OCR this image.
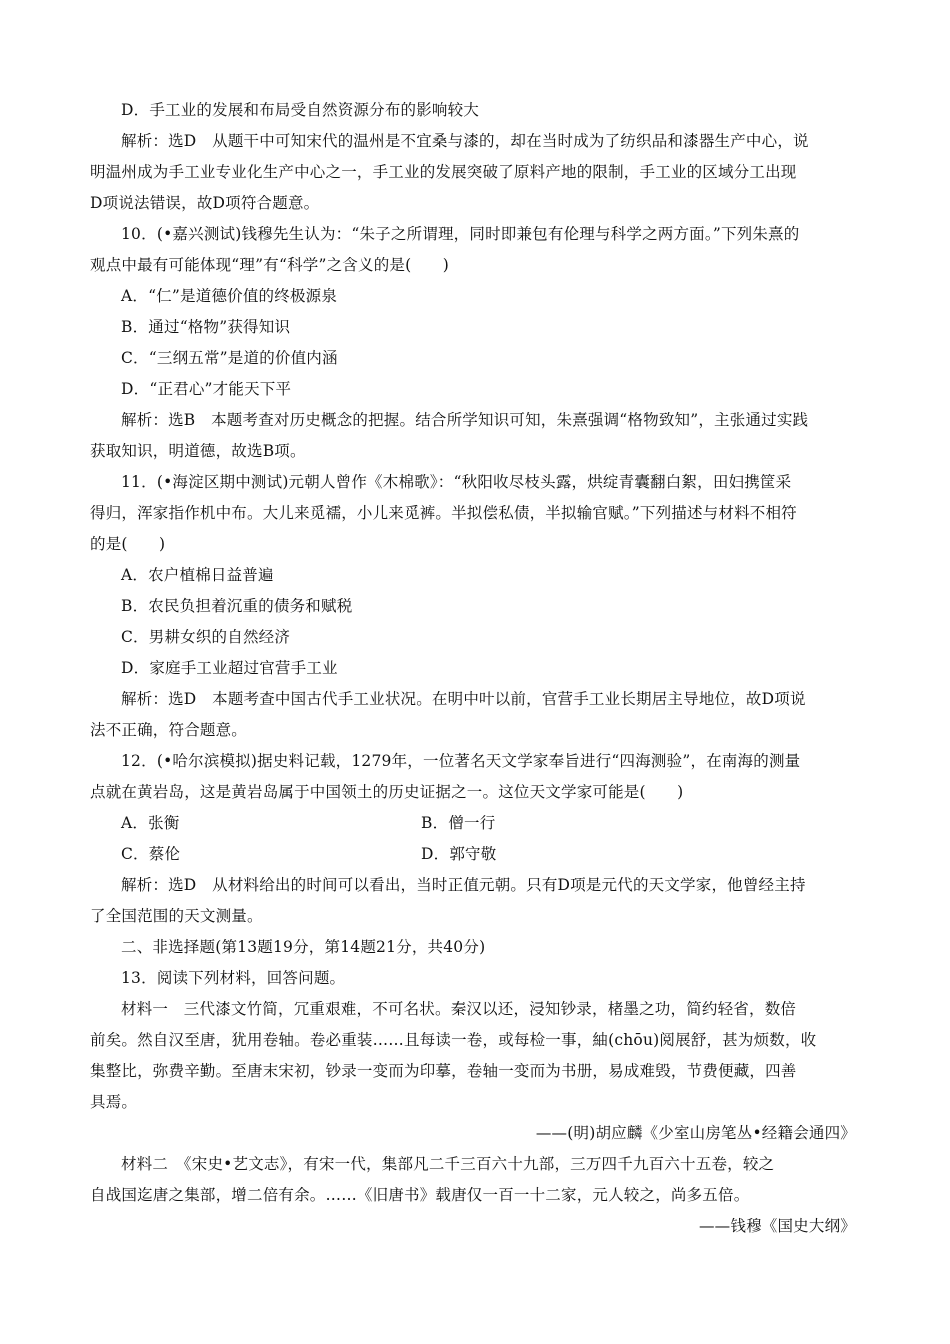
D．手工业的发展和布局受自然资源分布的影响较大
解析：选D　从题干中可知宋代的温州是不宜桑与漆的，却在当时成为了纺织品和漆器生产中心，说
明温州成为手工业专业化生产中心之一，手工业的发展突破了原料产地的限制，手工业的区域分工出现
D项说法错误，故D项符合题意。
10．(•嘉兴测试)钱穆先生认为：“朱子之所谓理，同时即兼包有伦理与科学之两方面。”下列朱熹的
观点中最有可能体现“理”有“科学”之含义的是(　　)
A．“仁”是道德价值的终极源泉
B．通过“格物”获得知识
C．“三纲五常”是道的价值内涵
D．“正君心”才能天下平
解析：选B　本题考查对历史概念的把握。结合所学知识可知，朱熹强调“格物致知”，主张通过实践
获取知识，明道德，故选B项。
11．(•海淀区期中测试)元朝人曾作《木棉歌》：“秋阳收尽枝头露，烘绽青囊翻白絮，田妇携筐采
得归，浑家指作机中布。大儿来觅襦，小儿来觅裤。半拟偿私债，半拟输官赋。”下列描述与材料不相符
的是(　　)
A．农户植棉日益普遍
B．农民负担着沉重的债务和赋税
C．男耕女织的自然经济
D．家庭手工业超过官营手工业
解析：选D　本题考查中国古代手工业状况。在明中叶以前，官营手工业长期居主导地位，故D项说
法不正确，符合题意。
12．(•哈尔滨模拟)据史料记载，1279年，一位著名天文学家奉旨进行“四海测验”，在南海的测量
点就在黄岩岛，这是黄岩岛属于中国领土的历史证据之一。这位天文学家可能是(　　)
A．张衡	B．僧一行
C．蔡伦	D．郭守敬
解析：选D　从材料给出的时间可以看出，当时正值元朝。只有D项是元代的天文学家，他曾经主持
了全国范围的天文测量。
二、非选择题(第13题19分，第14题21分，共40分)
13．阅读下列材料，回答问题。
材料一　三代漆文竹简，冗重艰难，不可名状。秦汉以还，浸知钞录，楮墨之功，简约轻省，数倍
前矣。然自汉至唐，犹用卷轴。卷必重装……且每读一卷，或每检一事，紬(chōu)阅展舒，甚为烦数，收
集整比，弥费辛勤。至唐末宋初，钞录一变而为印摹，卷轴一变而为书册，易成难毁，节费便藏，四善
具焉。
——(明)胡应麟《少室山房笔丛•经籍会通四》
材料二　《宋史•艺文志》，有宋一代，集部凡二千三百六十九部，三万四千九百六十五卷，较之
自战国迄唐之集部，增二倍有余。……《旧唐书》载唐仅一百一十二家，元人较之，尚多五倍。
——钱穆《国史大纲》
